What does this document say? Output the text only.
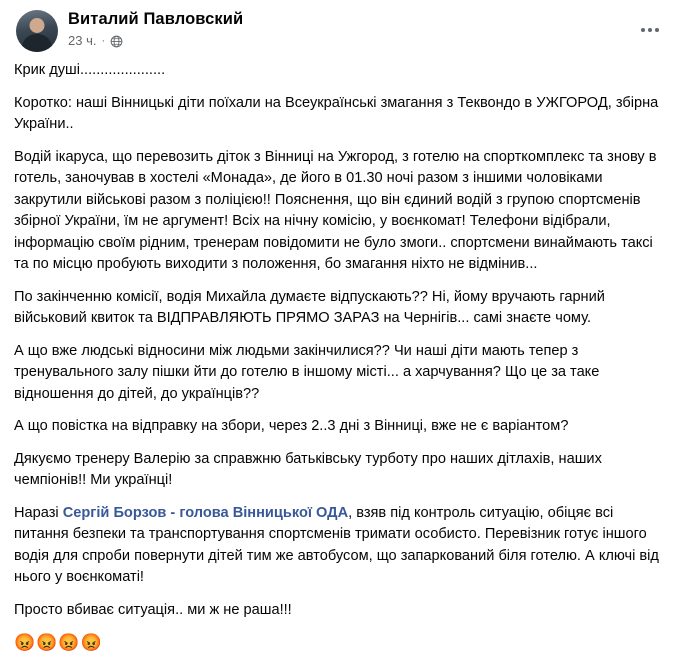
Виталий Павловский
23 ч. ·

Крик душі.....................

Коротко: наші Вінницькі діти поїхали на Всеукраїнські змагання з Теквондо в УЖГОРОД, збірна України..

Водій ікаруса, що перевозить діток з Вінниці на Ужгород, з готелю на спорткомплекс та знову в готель, заночував в хостелі «Монада», де його в 01.30 ночі разом з іншими чоловіками закрутили військові разом з поліцією!! Пояснення, що він єдиний водій з групою спортсменів збірної України, їм не аргумент! Всіх на нічну комісію, у воєнкомат! Телефони відібрали, інформацію своїм рідним, тренерам повідомити не було змоги.. спортсмени винаймають таксі та по місцю пробують виходити з положення, бо змагання ніхто не відмінив...

По закінченню комісії, водія Михайла думаєте відпускають?? Ні, йому вручають гарний військовий квиток та ВІДПРАВЛЯЮТЬ ПРЯМО ЗАРАЗ на Чернігів... самі знаєте чому.

А що вже людські відносини між людьми закінчилися?? Чи наші діти мають тепер з тренувального залу пішки йти до готелю в іншому місті... а харчування? Що це за таке відношення до дітей, до українців??

А що повістка на відправку на збори, через 2..3 дні з Вінниці, вже не є варіантом?

Дякуємо тренеру Валерію за справжню батьківську турботу про наших дітлахів, наших чемпіонів!! Ми українці!

Наразі Сергій Борзов - голова Вінницької ОДА, взяв під контроль ситуацію, обіцяє всі питання безпеки та транспортування спортсменів тримати особисто. Перевізник готує іншого водія для спроби повернути дітей тим же автобусом, що запаркований біля готелю. А ключі від нього у воєнкоматі!

Просто вбиває ситуація.. ми ж не раша!!!

😡😡😡😡
